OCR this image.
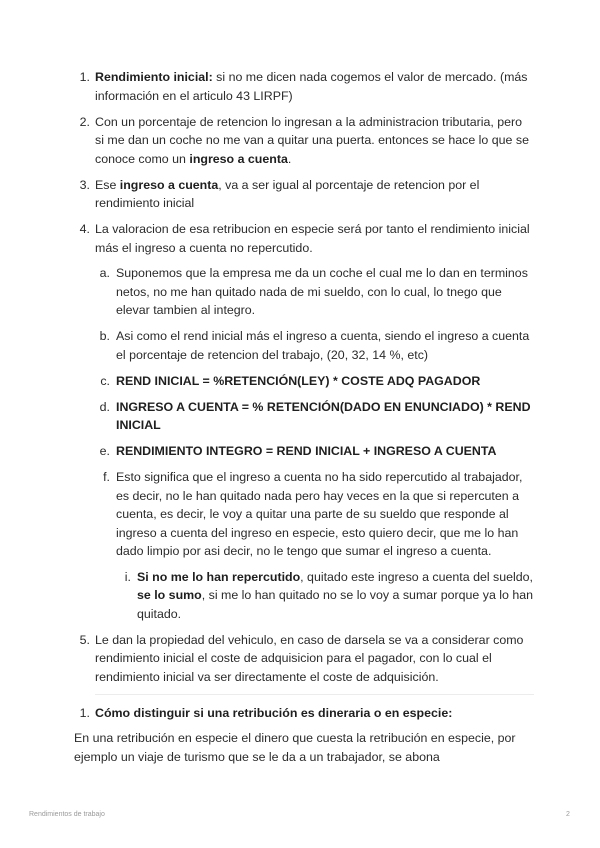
1. Rendimiento inicial: si no me dicen nada cogemos el valor de mercado. (más información en el articulo 43 LIRPF)
2. Con un porcentaje de retencion lo ingresan a la administracion tributaria, pero si me dan un coche no me van a quitar una puerta. entonces se hace lo que se conoce como un ingreso a cuenta.
3. Ese ingreso a cuenta, va a ser igual al porcentaje de retencion por el rendimiento inicial
4. La valoracion de esa retribucion en especie será por tanto el rendimiento inicial más el ingreso a cuenta no repercutido.
a. Suponemos que la empresa me da un coche el cual me lo dan en terminos netos, no me han quitado nada de mi sueldo, con lo cual, lo tnego que elevar tambien al integro.
b. Asi como el rend inicial más el ingreso a cuenta, siendo el ingreso a cuenta el porcentaje de retencion del trabajo, (20, 32, 14 %, etc)
c. REND INICIAL = %RETENCIÓN(LEY) * COSTE ADQ PAGADOR
d. INGRESO A CUENTA = % RETENCIÓN(DADO EN ENUNCIADO) * REND INICIAL
e. RENDIMIENTO INTEGRO = REND INICIAL + INGRESO A CUENTA
f. Esto significa que el ingreso a cuenta no ha sido repercutido al trabajador, es decir, no le han quitado nada pero hay veces en la que si repercuten a cuenta, es decir, le voy a quitar una parte de su sueldo que responde al ingreso a cuenta del ingreso en especie, esto quiero decir, que me lo han dado limpio por asi decir, no le tengo que sumar el ingreso a cuenta.
i. Si no me lo han repercutido, quitado este ingreso a cuenta del sueldo, se lo sumo, si me lo han quitado no se lo voy a sumar porque ya lo han quitado.
5. Le dan la propiedad del vehiculo, en caso de darsela se va a considerar como rendimiento inicial el coste de adquisicion para el pagador, con lo cual el rendimiento inicial va ser directamente el coste de adquisición.
1. Cómo distinguir si una retribución es dineraria o en especie:

En una retribución en especie el dinero que cuesta la retribución en especie, por ejemplo un viaje de turismo que se le da a un trabajador, se abona

Rendimientos de trabajo	2
